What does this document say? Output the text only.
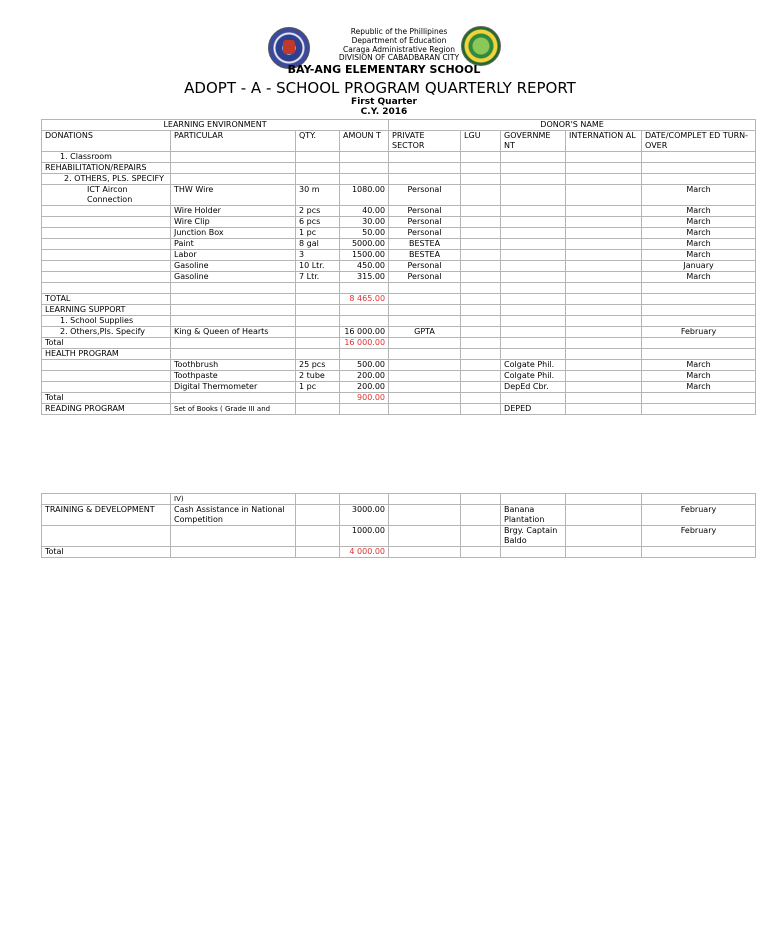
Republic of the Phillipines
Department of Education
Caraga Administrative Region
DIVISION OF CABADBARAN CITY
BAY-ANG ELEMENTARY SCHOOL
ADOPT - A - SCHOOL PROGRAM QUARTERLY REPORT
First Quarter
C.Y. 2016
LEARNING ENVIRONMENT				DONOR'S NAME				
DONATIONS	PARTICULAR	QTY.	AMOUN T	PRIVATE SECTOR	LGU	GOVERNME NT	INTERNATION AL	DATE/COMPLET ED TURN-OVER
1. Classroom								
REHABILITATION/REPAIRS								
2. OTHERS, PLS. SPECIFY								
ICT Aircon Connection	THW Wire	30 m	1080.00	Personal				March
	Wire Holder	2 pcs	40.00	Personal				March
	Wire Clip	6 pcs	30.00	Personal				March
	Junction Box	1 pc	50.00	Personal				March
	Paint	8 gal	5000.00	BESTEA				March
	Labor	3	1500.00	BESTEA				March
	Gasoline	10 Ltr.	450.00	Personal				January
	Gasoline	7 Ltr.	315.00	Personal				March

TOTAL			8 465.00					
LEARNING SUPPORT								
1. School Supplies								
2. Others,Pls. Specify	King & Queen of Hearts		16 000.00	GPTA				February
Total			16 000.00					
HEALTH PROGRAM								
	Toothbrush	25 pcs	500.00			Colgate Phil.		March
	Toothpaste	2 tube	200.00			Colgate Phil.		March
	Digital Thermometer	1 pc	200.00			DepEd Cbr.		March
Total			900.00					
READING PROGRAM	Set of Books ( Grade III and					DEPED		
	IV)							
TRAINING & DEVELOPMENT	Cash Assistance in National Competition		3000.00			Banana Plantation		February
			1000.00			Brgy. Captain Baldo		February
Total			4 000.00					
